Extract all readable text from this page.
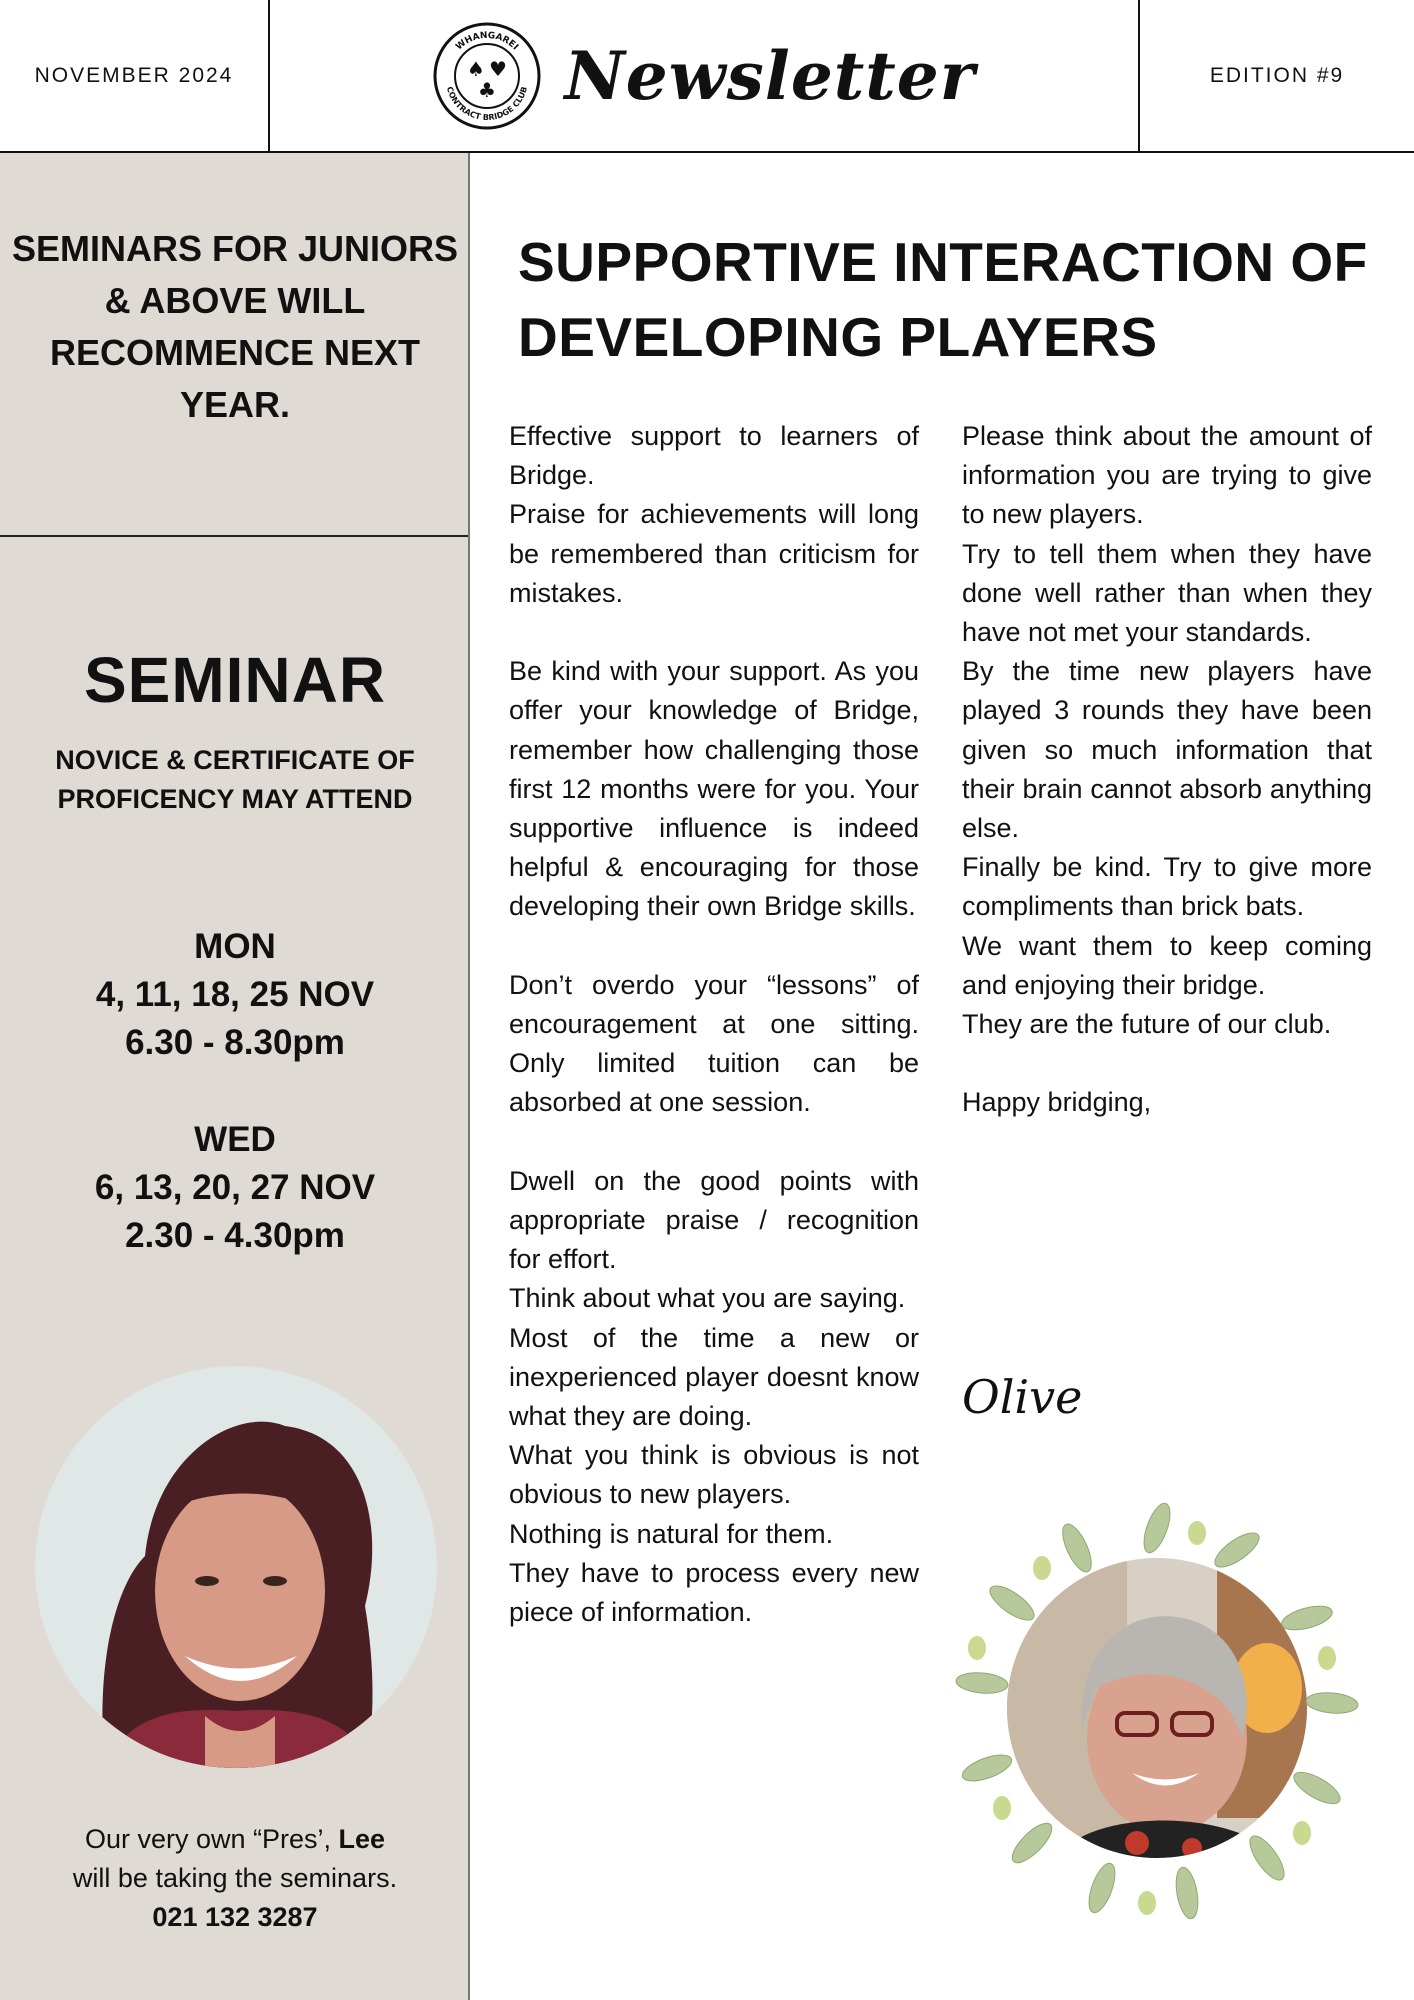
NOVEMBER 2024
WHANGAREI
CONTRACT BRIDGE CLUB
♠ ♥
♣ Newsletter	EDITION #9
SEMINARS FOR JUNIORS & ABOVE WILL RECOMMENCE NEXT YEAR.
SEMINAR
NOVICE & CERTIFICATE OF PROFICENCY MAY ATTEND
MON
4, 11, 18, 25 NOV
6.30 - 8.30pm
WED
6, 13, 20, 27 NOV
2.30 - 4.30pm
Our very own “Pres’, Lee
will be taking the seminars.
021 132 3287
SUPPORTIVE INTERACTION OF DEVELOPING PLAYERS

Effective support to learners of Bridge.

Praise for achievements will long be remembered than criticism for mistakes.

Be kind with your support. As you offer your knowledge of Bridge, remember how challenging those first 12 months were for you. Your supportive influence is indeed helpful & encouraging for those developing their own Bridge skills.

Don’t overdo your “lessons” of encouragement at one sitting. Only limited tuition can be absorbed at one session.

Dwell on the good points with appropriate praise / recognition for effort.

Think about what you are saying.

Most of the time a new or inexperienced player doesnt know what they are doing.

What you think is obvious is not obvious to new players.

Nothing is natural for them.

They have to process every new piece of information.

Please think about the amount of information you are trying to give to new players.

Try to tell them when they have done well rather than when they have not met your standards.

By the time new players have played 3 rounds they have been given so much information that their brain cannot absorb anything else.

Finally be kind. Try to give more compliments than brick bats.

We want them to keep coming and enjoying their bridge.

They are the future of our club.

Happy bridging,

Olive
